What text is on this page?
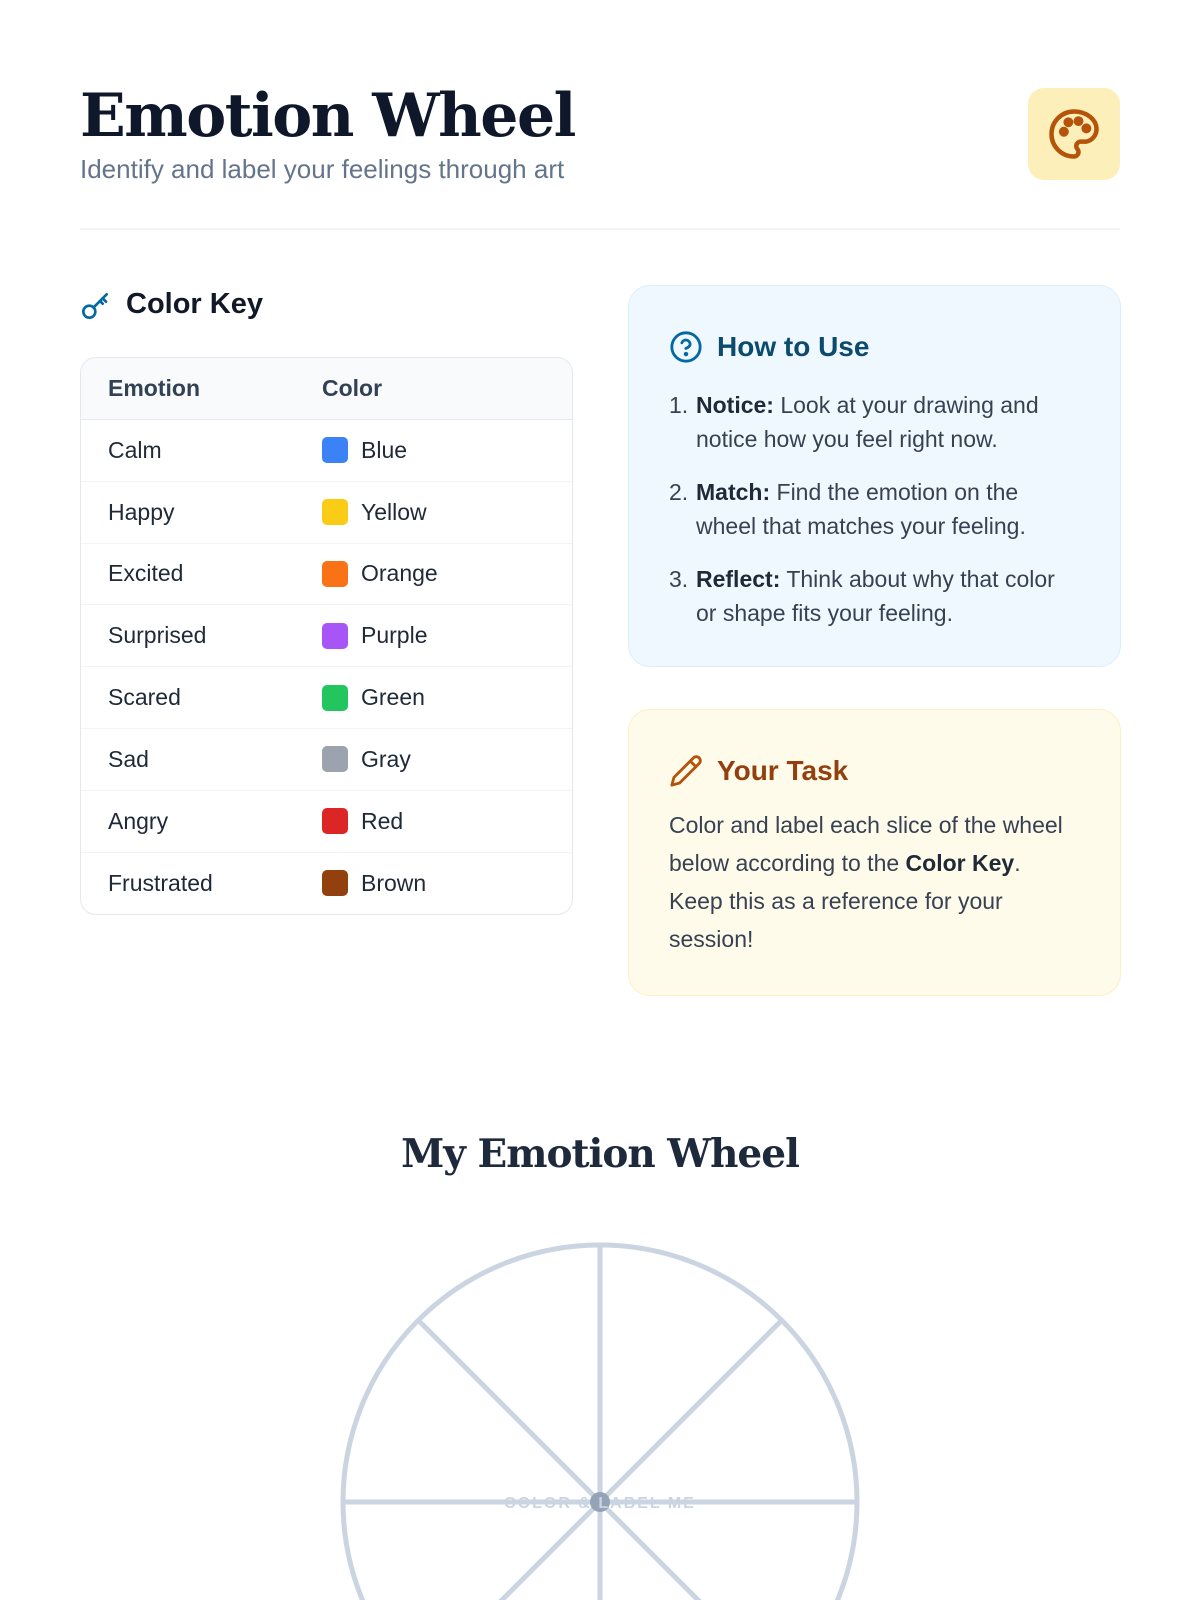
Emotion Wheel
Identify and label your feelings through art
Color Key
Emotion	Color
Calm	Blue
Happy	Yellow
Excited	Orange
Surprised	Purple
Scared	Green
Sad	Gray
Angry	Red
Frustrated	Brown
How to Use
1. Notice: Look at your drawing and notice how you feel right now.
2. Match: Find the emotion on the wheel that matches your feeling.
3. Reflect: Think about why that color or shape fits your feeling.
Your Task
Color and label each slice of the wheel below according to the Color Key. Keep this as a reference for your session!
My Emotion Wheel
COLOR & LABEL ME
